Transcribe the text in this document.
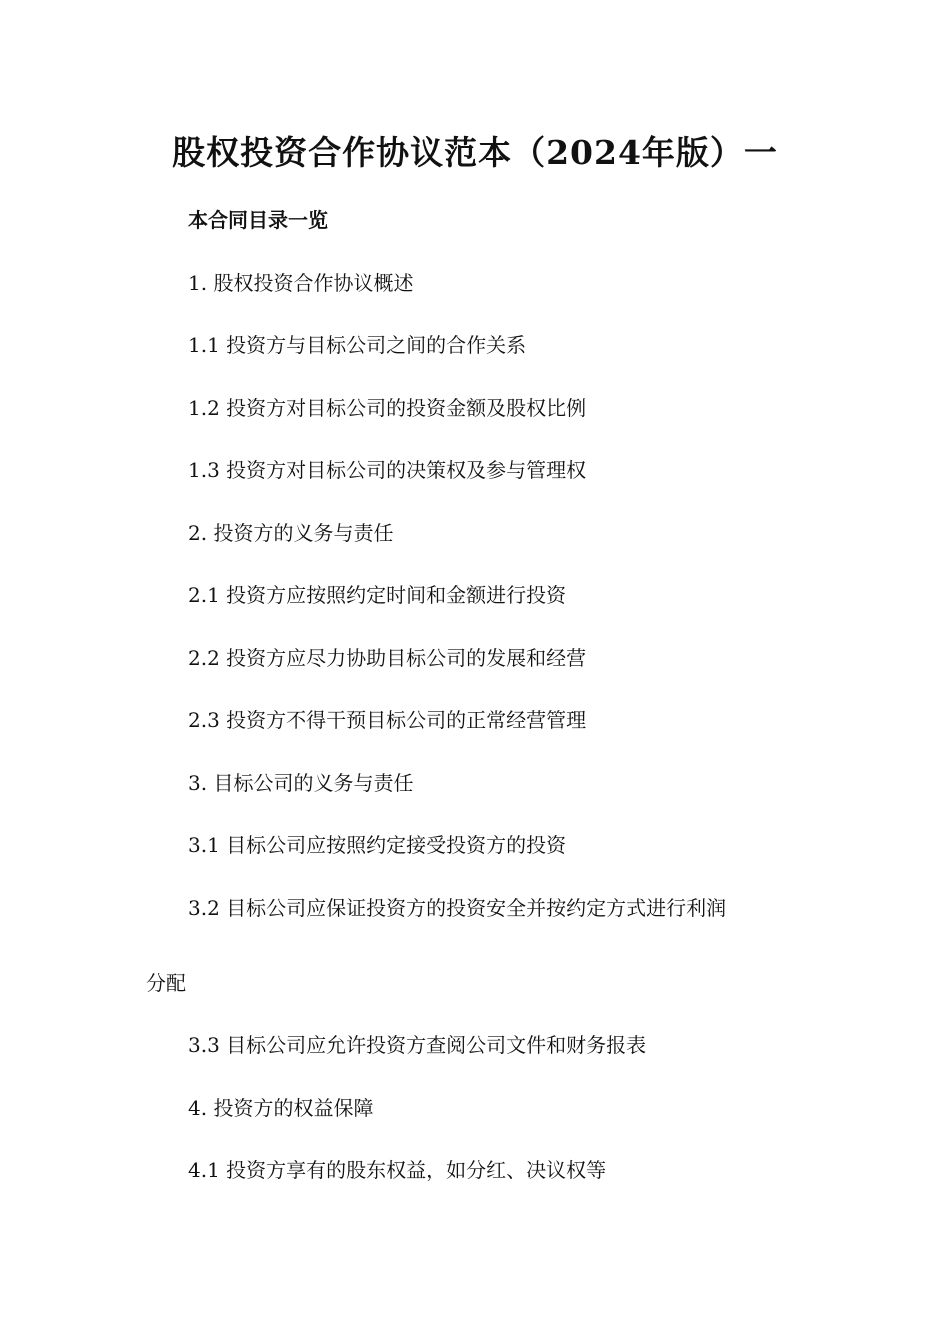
股权投资合作协议范本（2024年版）一
本合同目录一览
1. 股权投资合作协议概述
1.1 投资方与目标公司之间的合作关系
1.2 投资方对目标公司的投资金额及股权比例
1.3 投资方对目标公司的决策权及参与管理权
2. 投资方的义务与责任
2.1 投资方应按照约定时间和金额进行投资
2.2 投资方应尽力协助目标公司的发展和经营
2.3 投资方不得干预目标公司的正常经营管理
3. 目标公司的义务与责任
3.1 目标公司应按照约定接受投资方的投资
3.2 目标公司应保证投资方的投资安全并按约定方式进行利润
分配
3.3 目标公司应允许投资方查阅公司文件和财务报表
4. 投资方的权益保障
4.1 投资方享有的股东权益，如分红、决议权等
